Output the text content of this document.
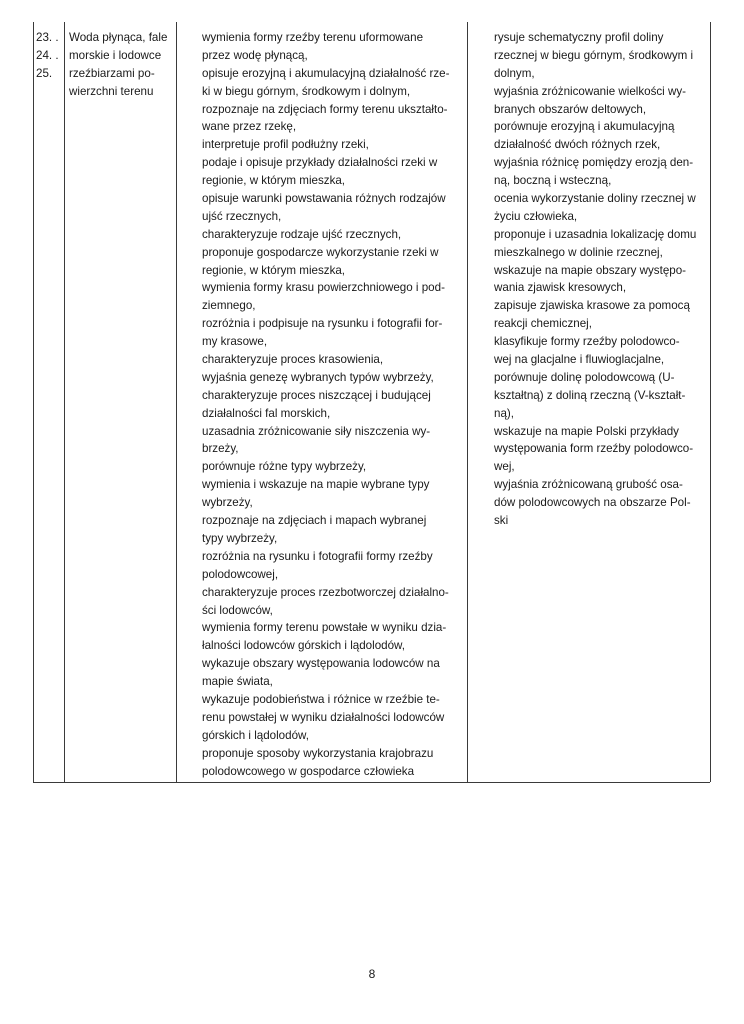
23. .
24. .
25.
Woda płynąca, fale
morskie i lodowce
rzeźbiarzami po-
wierzchni terenu
wymienia formy rzeźby terenu uformowane
przez wodę płynącą,
opisuje erozyjną i akumulacyjną działalność rze-
ki w biegu górnym, środkowym i dolnym,
rozpoznaje na zdjęciach formy terenu ukształto-
wane przez rzekę,
interpretuje profil podłużny rzeki,
podaje i opisuje przykłady działalności rzeki w
regionie, w którym mieszka,
opisuje warunki powstawania różnych rodzajów
ujść rzecznych,
charakteryzuje rodzaje ujść rzecznych,
proponuje gospodarcze wykorzystanie rzeki w
regionie, w którym mieszka,
wymienia formy krasu powierzchniowego i pod-
ziemnego,
rozróżnia i podpisuje na rysunku i fotografii for-
my krasowe,
charakteryzuje proces krasowienia,
wyjaśnia genezę wybranych typów wybrzeży,
charakteryzuje proces niszczącej i budującej
działalności fal morskich,
uzasadnia zróżnicowanie siły niszczenia wy-
brzeży,
porównuje różne typy wybrzeży,
wymienia i wskazuje na mapie wybrane typy
wybrzeży,
rozpoznaje na zdjęciach i mapach wybranej
typy wybrzeży,
rozróżnia na rysunku i fotografii formy rzeźby
polodowcowej,
charakteryzuje proces rzezbotworczej działalno-
ści lodowców,
wymienia formy terenu powstałe w wyniku dzia-
łalności lodowców górskich i lądolodów,
wykazuje obszary występowania lodowców na
mapie świata,
wykazuje podobieństwa i różnice w rzeźbie te-
renu powstałej w wyniku działalności lodowców
górskich i lądolodów,
proponuje sposoby wykorzystania krajobrazu
polodowcowego w gospodarce człowieka
rysuje schematyczny profil doliny
rzecznej w biegu górnym, środkowym i
dolnym,
wyjaśnia zróżnicowanie wielkości wy-
branych obszarów deltowych,
porównuje erozyjną i akumulacyjną
działalność dwóch różnych rzek,
wyjaśnia różnicę pomiędzy erozją den-
ną, boczną i wsteczną,
ocenia wykorzystanie doliny rzecznej w
życiu człowieka,
proponuje i uzasadnia lokalizację domu
mieszkalnego w dolinie rzecznej,
wskazuje na mapie obszary występo-
wania zjawisk kresowych,
zapisuje zjawiska krasowe za pomocą
reakcji chemicznej,
klasyfikuje formy rzeźby polodowco-
wej na glacjalne i fluwioglacjalne,
porównuje dolinę polodowcową (U-
kształtną) z doliną rzeczną (V-kształt-
ną),
wskazuje na mapie Polski przykłady
występowania form rzeźby polodowco-
wej,
wyjaśnia zróżnicowaną grubość osa-
dów polodowcowych na obszarze Pol-
ski
8
